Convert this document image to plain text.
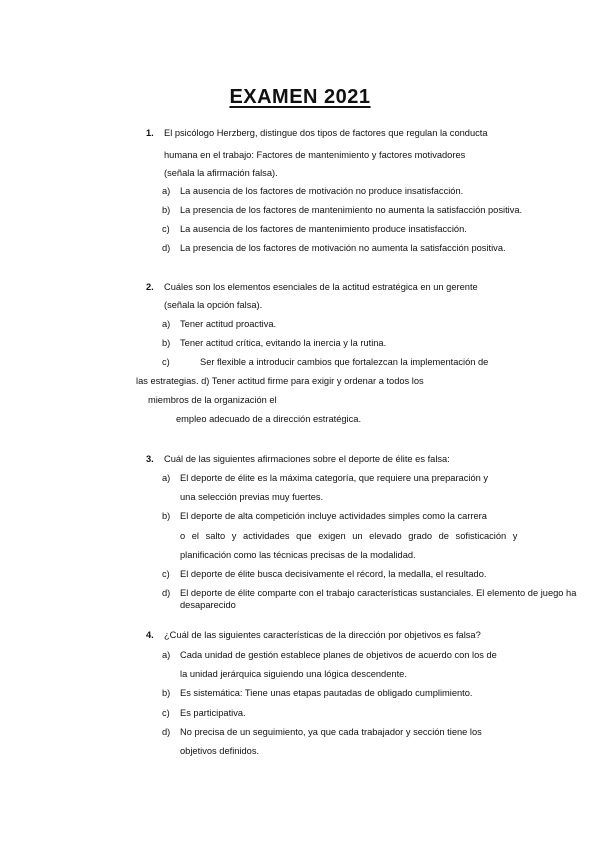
EXAMEN 2021
1. El psicólogo Herzberg, distingue dos tipos de factores que regulan la conducta
humana en el trabajo: Factores de mantenimiento y factores motivadores
(señala la afirmación falsa).
a) La ausencia de los factores de motivación no produce insatisfacción.
b) La presencia de los factores de mantenimiento no aumenta la satisfacción positiva.
c) La ausencia de los factores de mantenimiento produce insatisfacción.
d) La presencia de los factores de motivación no aumenta la satisfacción positiva.
2. Cuáles son los elementos esenciales de la actitud estratégica en un gerente
(señala la opción falsa).
a) Tener actitud proactiva.
b) Tener actitud crítica, evitando la inercia y la rutina.
c)	Ser flexible a introducir cambios que fortalezcan la implementación de
las estrategias. d) Tener actitud firme para exigir y ordenar a todos los
miembros de la organización el
empleo adecuado de a dirección estratégica.
3. Cuál de las siguientes afirmaciones sobre el deporte de élite es falsa:
a) El deporte de élite es la máxima categoría, que requiere una preparación y
una selección previas muy fuertes.
b) El deporte de alta competición incluye actividades simples como la carrera
o el salto y actividades que exigen un elevado grado de sofisticación y
planificación como las técnicas precisas de la modalidad.
c) El deporte de élite busca decisivamente el récord, la medalla, el resultado.
d) El deporte de élite comparte con el trabajo características sustanciales. El elemento de juego ha
desaparecido
4. ¿Cuál de las siguientes características de la dirección por objetivos es falsa?
a) Cada unidad de gestión establece planes de objetivos de acuerdo con los de
la unidad jerárquica siguiendo una lógica descendente.
b) Es sistemática: Tiene unas etapas pautadas de obligado cumplimiento.
c) Es participativa.
d) No precisa de un seguimiento, ya que cada trabajador y sección tiene los
objetivos definidos.
